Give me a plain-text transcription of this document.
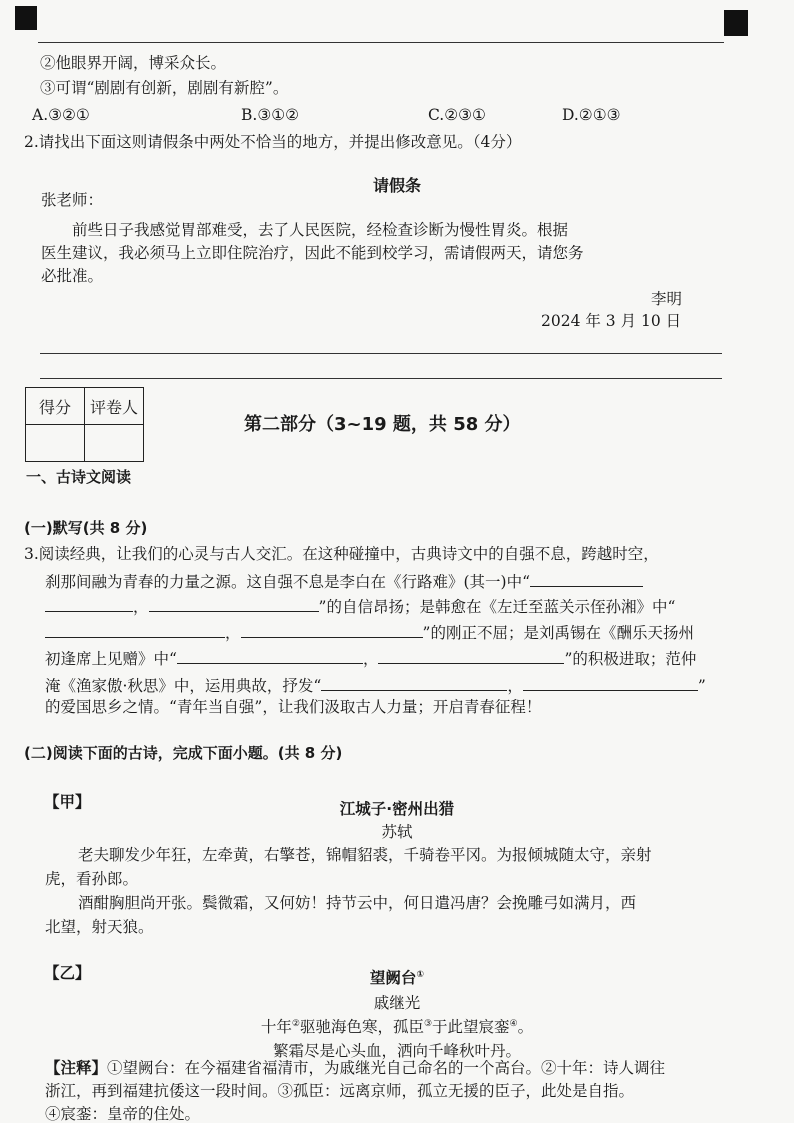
②他眼界开阔，博采众长。
③可谓“剧剧有创新，剧剧有新腔”。
A.③②①	B.③①②	C.②③①	D.②①③
2.请找出下面这则请假条中两处不恰当的地方，并提出修改意见。（4分）
请假条
张老师：
前些日子我感觉胃部难受，去了人民医院，经检查诊断为慢性胃炎。根据
医生建议，我必须马上立即住院治疗，因此不能到校学习，需请假两天，请您务
必批准。
李明
2024 年 3 月 10 日
得分	评卷人

第二部分（3~19 题，共 58 分）
一、古诗文阅读
(一)默写(共 8 分)
3.阅读经典，让我们的心灵与古人交汇。在这种碰撞中，古典诗文中的自强不息，跨越时空，
刹那间融为青春的力量之源。这自强不息是李白在《行路难》(其一)中“
，	”的自信昂扬；是韩愈在《左迁至蓝关示侄孙湘》中“
，	”的刚正不屈；是刘禹锡在《酬乐天扬州
初逢席上见赠》中“	，	”的积极进取；范仲
淹《渔家傲·秋思》中，运用典故，抒发“	，	”
的爱国思乡之情。“青年当自强”，让我们汲取古人力量；开启青春征程！
(二)阅读下面的古诗，完成下面小题。(共 8 分)
【甲】	江城子·密州出猎
苏轼
老夫聊发少年狂，左牵黄，右擎苍，锦帽貂裘，千骑卷平冈。为报倾城随太守，亲射
虎，看孙郎。
酒酣胸胆尚开张。鬓微霜，又何妨！持节云中，何日遣冯唐？会挽雕弓如满月，西
北望，射天狼。
【乙】	望阙台①
戚继光
十年②驱驰海色寒，孤臣③于此望宸銮④。
繁霜尽是心头血，洒向千峰秋叶丹。
【注释】①望阙台：在今福建省福清市，为戚继光自己命名的一个高台。②十年：诗人调往
浙江，再到福建抗倭这一段时间。③孤臣：远离京师，孤立无援的臣子，此处是自指。
④宸銮：皇帝的住处。
